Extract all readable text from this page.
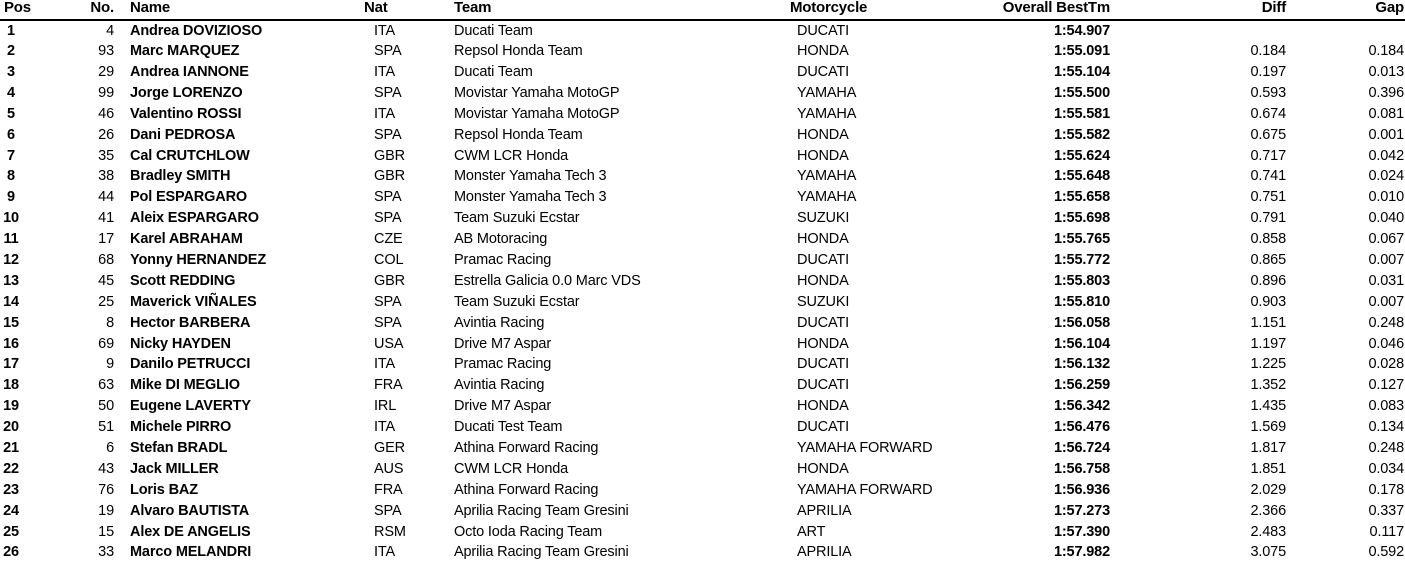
Pos	No.	Name	Nat	Team	Motorcycle	Overall BestTm	Diff	Gap
1	4	Andrea DOVIZIOSO	ITA	Ducati Team	DUCATI	1:54.907		
2	93	Marc MARQUEZ	SPA	Repsol Honda Team	HONDA	1:55.091	0.184	0.184
3	29	Andrea IANNONE	ITA	Ducati Team	DUCATI	1:55.104	0.197	0.013
4	99	Jorge LORENZO	SPA	Movistar Yamaha MotoGP	YAMAHA	1:55.500	0.593	0.396
5	46	Valentino ROSSI	ITA	Movistar Yamaha MotoGP	YAMAHA	1:55.581	0.674	0.081
6	26	Dani PEDROSA	SPA	Repsol Honda Team	HONDA	1:55.582	0.675	0.001
7	35	Cal CRUTCHLOW	GBR	CWM LCR Honda	HONDA	1:55.624	0.717	0.042
8	38	Bradley SMITH	GBR	Monster Yamaha Tech 3	YAMAHA	1:55.648	0.741	0.024
9	44	Pol ESPARGARO	SPA	Monster Yamaha Tech 3	YAMAHA	1:55.658	0.751	0.010
10	41	Aleix ESPARGARO	SPA	Team Suzuki Ecstar	SUZUKI	1:55.698	0.791	0.040
11	17	Karel ABRAHAM	CZE	AB Motoracing	HONDA	1:55.765	0.858	0.067
12	68	Yonny HERNANDEZ	COL	Pramac Racing	DUCATI	1:55.772	0.865	0.007
13	45	Scott REDDING	GBR	Estrella Galicia 0.0 Marc VDS	HONDA	1:55.803	0.896	0.031
14	25	Maverick VIÑALES	SPA	Team Suzuki Ecstar	SUZUKI	1:55.810	0.903	0.007
15	8	Hector BARBERA	SPA	Avintia Racing	DUCATI	1:56.058	1.151	0.248
16	69	Nicky HAYDEN	USA	Drive M7 Aspar	HONDA	1:56.104	1.197	0.046
17	9	Danilo PETRUCCI	ITA	Pramac Racing	DUCATI	1:56.132	1.225	0.028
18	63	Mike DI MEGLIO	FRA	Avintia Racing	DUCATI	1:56.259	1.352	0.127
19	50	Eugene LAVERTY	IRL	Drive M7 Aspar	HONDA	1:56.342	1.435	0.083
20	51	Michele PIRRO	ITA	Ducati Test Team	DUCATI	1:56.476	1.569	0.134
21	6	Stefan BRADL	GER	Athina Forward Racing	YAMAHA FORWARD	1:56.724	1.817	0.248
22	43	Jack MILLER	AUS	CWM LCR Honda	HONDA	1:56.758	1.851	0.034
23	76	Loris BAZ	FRA	Athina Forward Racing	YAMAHA FORWARD	1:56.936	2.029	0.178
24	19	Alvaro BAUTISTA	SPA	Aprilia Racing Team Gresini	APRILIA	1:57.273	2.366	0.337
25	15	Alex DE ANGELIS	RSM	Octo Ioda Racing Team	ART	1:57.390	2.483	0.117
26	33	Marco MELANDRI	ITA	Aprilia Racing Team Gresini	APRILIA	1:57.982	3.075	0.592
